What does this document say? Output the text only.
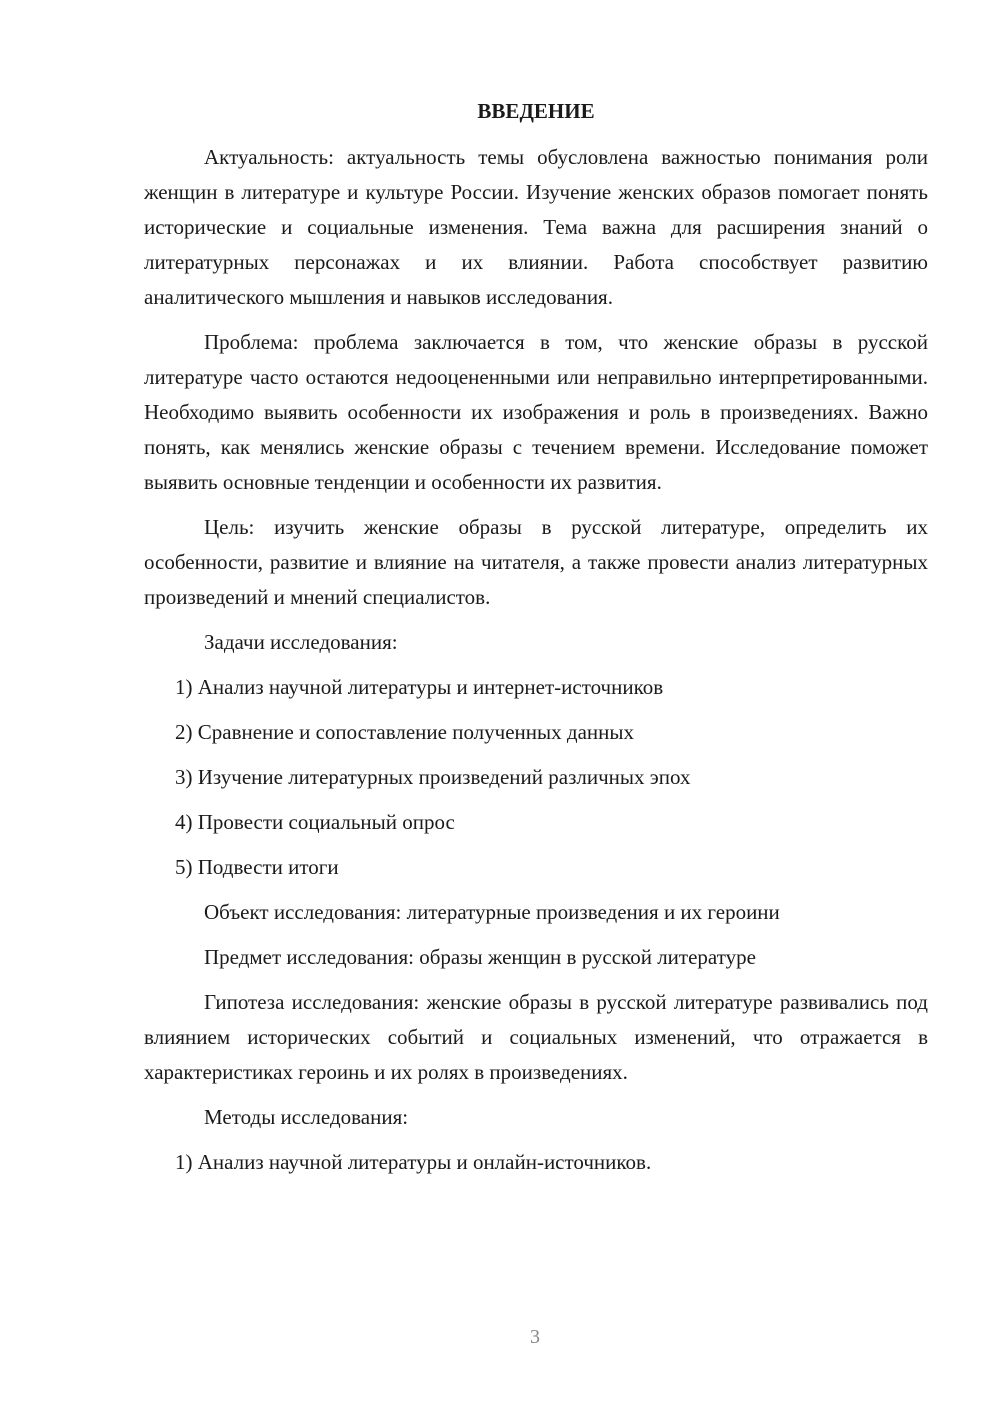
ВВЕДЕНИЕ

Актуальность: актуальность темы обусловлена важностью понимания роли женщин в литературе и культуре России. Изучение женских образов помогает понять исторические и социальные изменения. Тема важна для расширения знаний о литературных персонажах и их влиянии. Работа способствует развитию аналитического мышления и навыков исследования.

Проблема: проблема заключается в том, что женские образы в русской литературе часто остаются недооцененными или неправильно интерпретированными. Необходимо выявить особенности их изображения и роль в произведениях. Важно понять, как менялись женские образы с течением времени. Исследование поможет выявить основные тенденции и особенности их развития.

Цель: изучить женские образы в русской литературе, определить их особенности, развитие и влияние на читателя, а также провести анализ литературных произведений и мнений специалистов.

Задачи исследования:

1) Анализ научной литературы и интернет-источников

2) Сравнение и сопоставление полученных данных

3) Изучение литературных произведений различных эпох

4) Провести социальный опрос

5) Подвести итоги

Объект исследования: литературные произведения и их героини

Предмет исследования: образы женщин в русской литературе

Гипотеза исследования: женские образы в русской литературе развивались под влиянием исторических событий и социальных изменений, что отражается в характеристиках героинь и их ролях в произведениях.

Методы исследования:

1) Анализ научной литературы и онлайн-источников.

3
